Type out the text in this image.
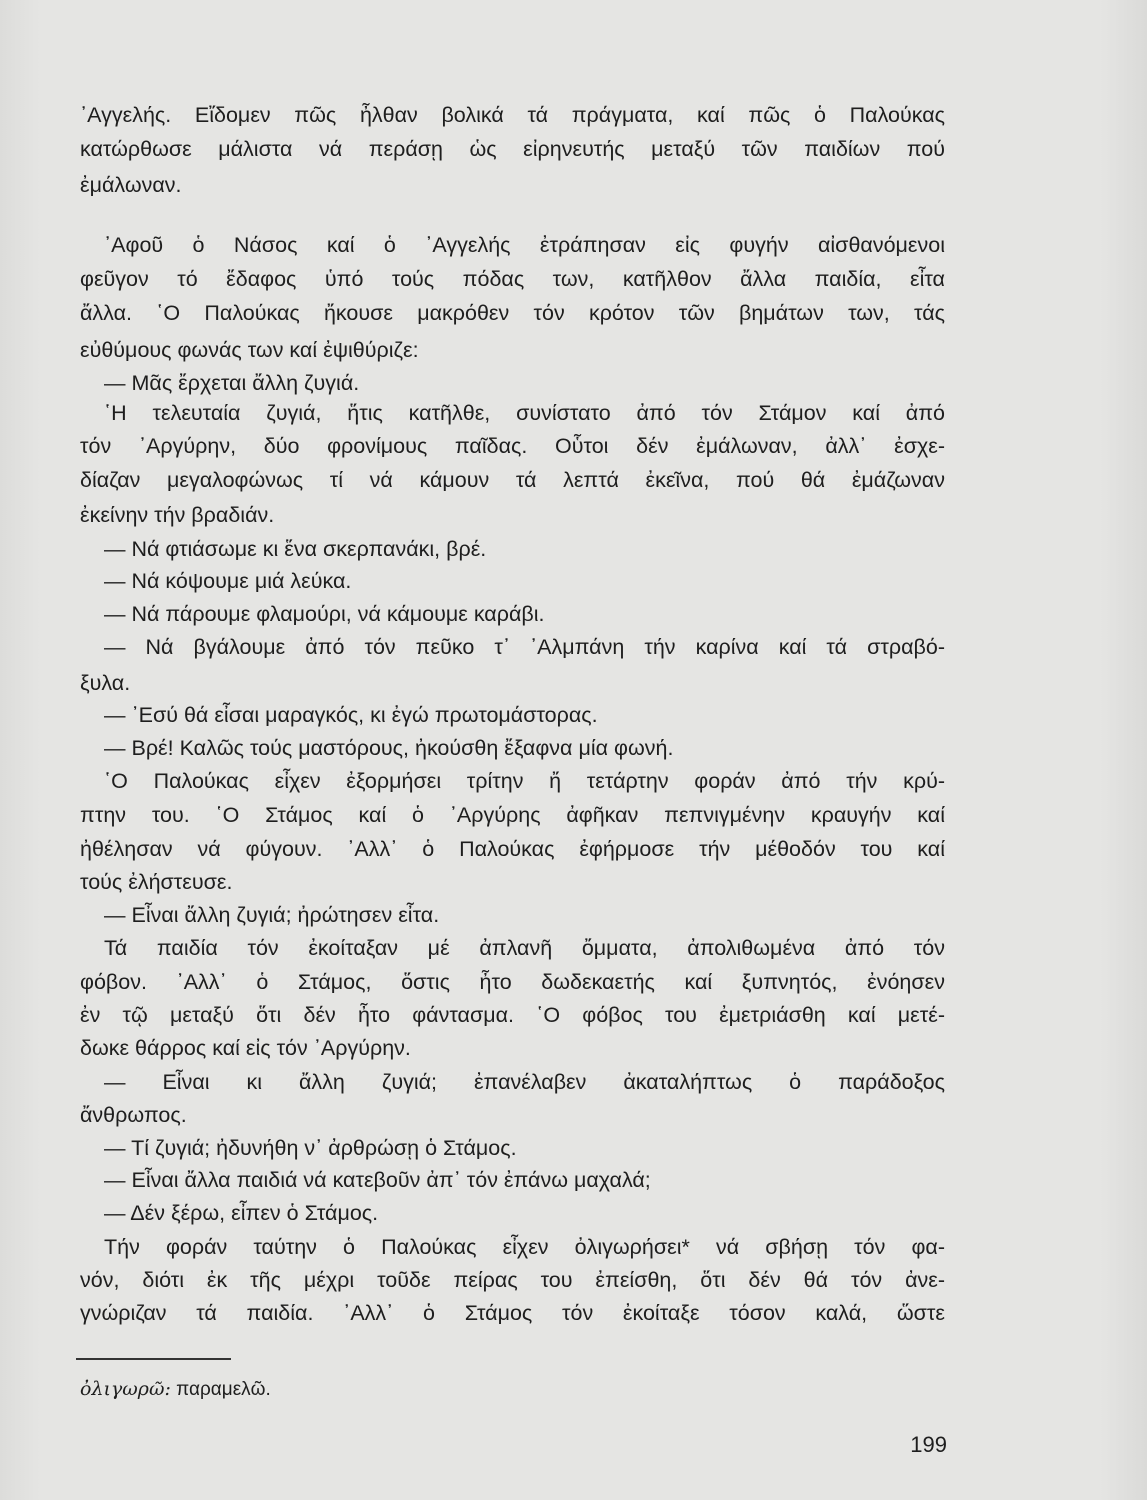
᾿Αγγελής. Εἴδομεν πῶς ἦλθαν βολικά τά πράγματα, καί πῶς ὁ Παλούκας
κατώρθωσε μάλιστα νά περάσῃ ὡς εἰρηνευτής μεταξύ τῶν παιδίων πού
ἐμάλωναν.
᾿Αφοῦ ὁ Νάσος καί ὁ ᾿Αγγελής ἐτράπησαν εἰς φυγήν αἰσθανόμενοι
φεῦγον τό ἔδαφος ὑπό τούς πόδας των, κατῆλθον ἄλλα παιδία, εἶτα
ἄλλα. ῾Ο Παλούκας ἤκουσε μακρόθεν τόν κρότον τῶν βημάτων των, τάς
εὐθύμους φωνάς των καί ἐψιθύριζε:
— Μᾶς ἔρχεται ἄλλη ζυγιά.
῾Η τελευταία ζυγιά, ἥτις κατῆλθε, συνίστατο ἀπό τόν Στάμον καί ἀπό
τόν ᾿Αργύρην, δύο φρονίμους παῖδας. Οὗτοι δέν ἐμάλωναν, ἀλλ᾿ ἐσχε-
δίαζαν μεγαλοφώνως τί νά κάμουν τά λεπτά ἐκεῖνα, πού θά ἐμάζωναν
ἐκείνην τήν βραδιάν.
— Νά φτιάσωμε κι ἕνα σκερπανάκι, βρέ.
— Νά κόψουμε μιά λεύκα.
— Νά πάρουμε φλαμούρι, νά κάμουμε καράβι.
— Νά βγάλουμε ἀπό τόν πεῦκο τ᾿ ᾿Αλμπάνη τήν καρίνα καί τά στραβό-
ξυλα.
— ᾿Εσύ θά εἶσαι μαραγκός, κι ἐγώ πρωτομάστορας.
— Βρέ! Καλῶς τούς μαστόρους, ἠκούσθη ἔξαφνα μία φωνή.
῾Ο Παλούκας εἶχεν ἐξορμήσει τρίτην ἤ τετάρτην φοράν ἀπό τήν κρύ-
πτην του. ῾Ο Στάμος καί ὁ ᾿Αργύρης ἀφῆκαν πεπνιγμένην κραυγήν καί
ἠθέλησαν νά φύγουν. ᾿Αλλ᾿ ὁ Παλούκας ἐφήρμοσε τήν μέθοδόν του καί
τούς ἐλήστευσε.
— Εἶναι ἄλλη ζυγιά; ἠρώτησεν εἶτα.
Τά παιδία τόν ἐκοίταξαν μέ ἀπλανῆ ὄμματα, ἀπολιθωμένα ἀπό τόν
φόβον. ᾿Αλλ᾿ ὁ Στάμος, ὅστις ἦτο δωδεκαετής καί ξυπνητός, ἐνόησεν
ἐν τῷ μεταξύ ὅτι δέν ἦτο φάντασμα. ῾Ο φόβος του ἐμετριάσθη καί μετέ-
δωκε θάρρος καί εἰς τόν ᾿Αργύρην.
— Εἶναι κι ἄλλη ζυγιά; ἐπανέλαβεν ἀκαταλήπτως ὁ παράδοξος
ἄνθρωπος.
— Τί ζυγιά; ἠδυνήθη ν᾿ ἀρθρώσῃ ὁ Στάμος.
— Εἶναι ἄλλα παιδιά νά κατεβοῦν ἀπ᾿ τόν ἐπάνω μαχαλά;
— Δέν ξέρω, εἶπεν ὁ Στάμος.
Τήν φοράν ταύτην ὁ Παλούκας εἶχεν ὀλιγωρήσει* νά σβήσῃ τόν φα-
νόν, διότι ἐκ τῆς μέχρι τοῦδε πείρας του ἐπείσθη, ὅτι δέν θά τόν ἀνε-
γνώριζαν τά παιδία. ᾿Αλλ᾿ ὁ Στάμος τόν ἐκοίταξε τόσον καλά, ὥστε
ὀλιγωρῶ: παραμελῶ.
199
